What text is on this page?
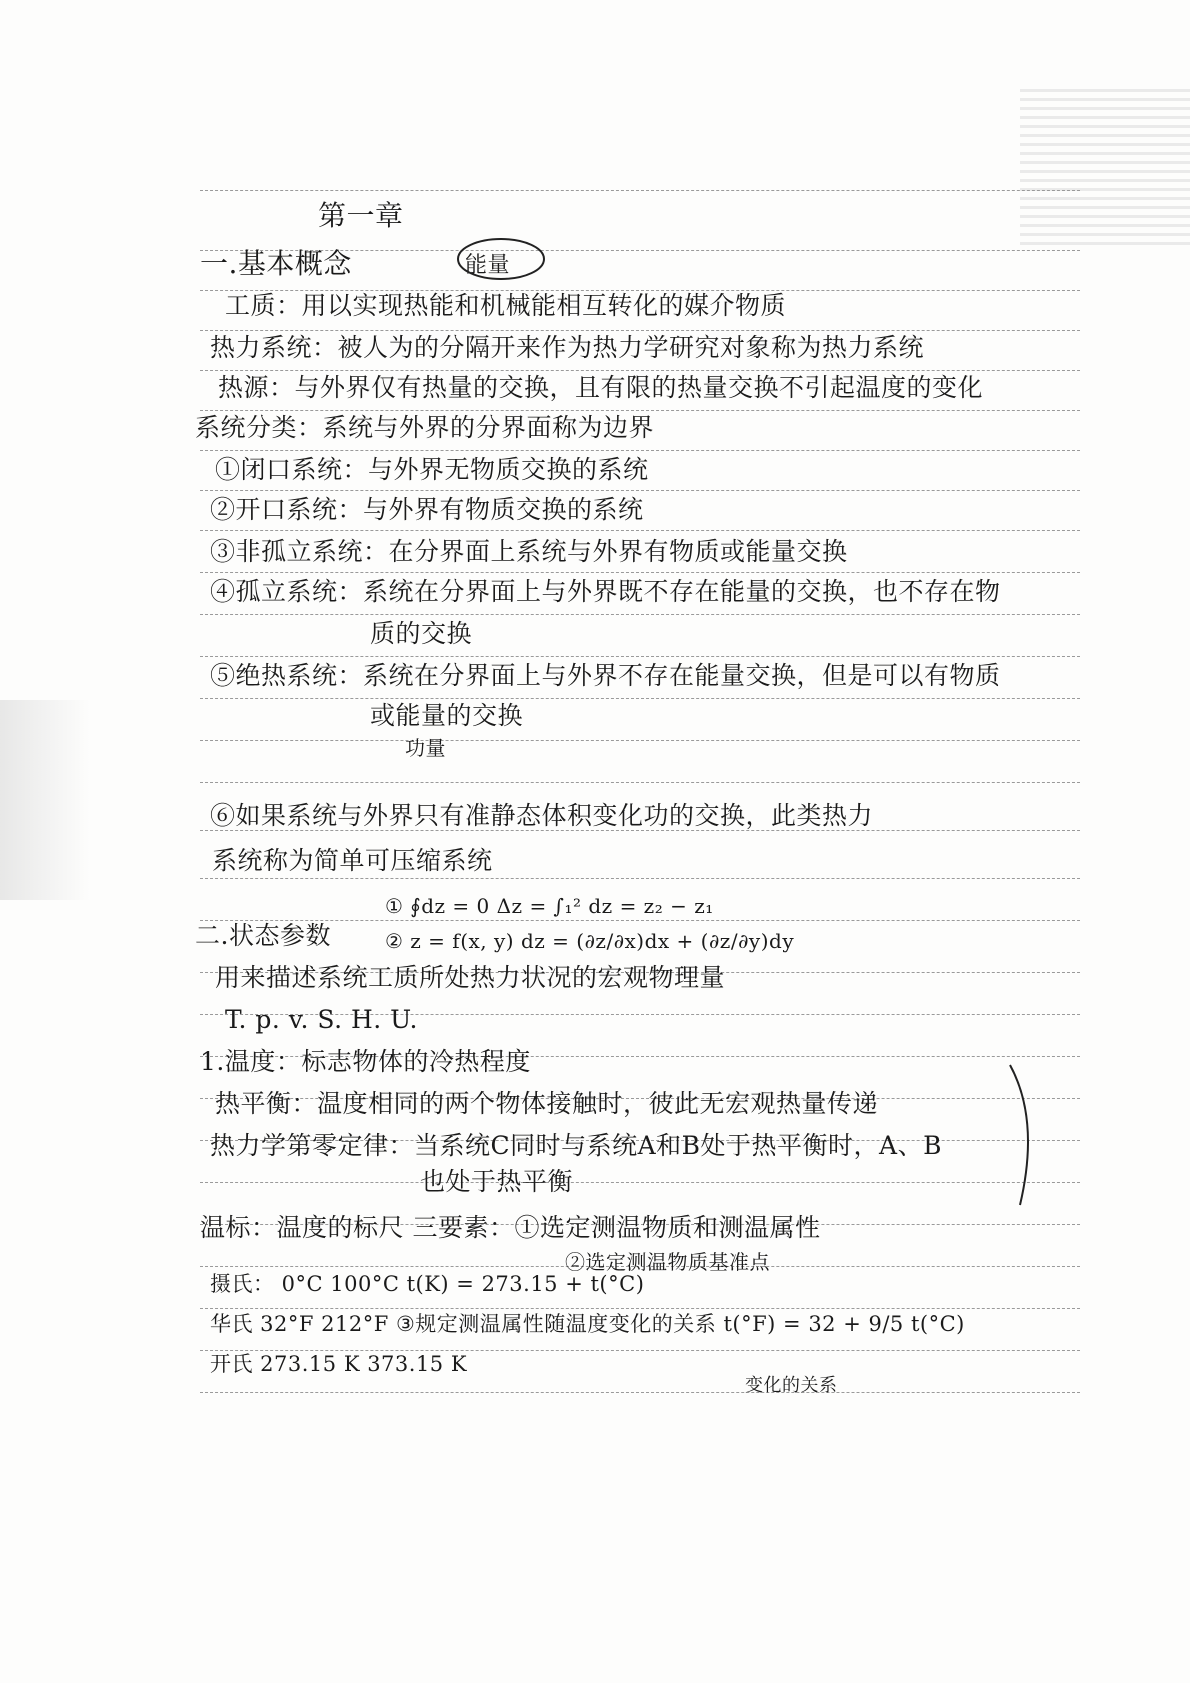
第一章
一.基本概念	能量
工质：用以实现热能和机械能相互转化的媒介物质
热力系统：被人为的分隔开来作为热力学研究对象称为热力系统
热源：与外界仅有热量的交换，且有限的热量交换不引起温度的变化
系统分类：系统与外界的分界面称为边界
①闭口系统：与外界无物质交换的系统
②开口系统：与外界有物质交换的系统
③非孤立系统：在分界面上系统与外界有物质或能量交换
④孤立系统：系统在分界面上与外界既不存在能量的交换，也不存在物
质的交换
⑤绝热系统：系统在分界面上与外界不存在能量交换，但是可以有物质
或能量的交换
功量
⑥如果系统与外界只有准静态体积变化功的交换，此类热力
系统称为简单可压缩系统
① ∮dz = 0 Δz = ∫₁² dz = z₂ − z₁
② z = f(x, y) dz = (∂z/∂x)dx + (∂z/∂y)dy
二.状态参数
用来描述系统工质所处热力状况的宏观物理量
T. p. v. S. H. U.
1.温度：标志物体的冷热程度
热平衡：温度相同的两个物体接触时，彼此无宏观热量传递
热力学第零定律：当系统C同时与系统A和B处于热平衡时，A、B
也处于热平衡
温标：温度的标尺 三要素：①选定测温物质和测温属性
②选定测温物质基准点
摄氏： 0°C 100°C t(K) = 273.15 + t(°C)
华氏 32°F 212°F ③规定测温属性随温度变化的关系 t(°F) = 32 + 9/5 t(°C)
开氏 273.15 K 373.15 K
变化的关系
